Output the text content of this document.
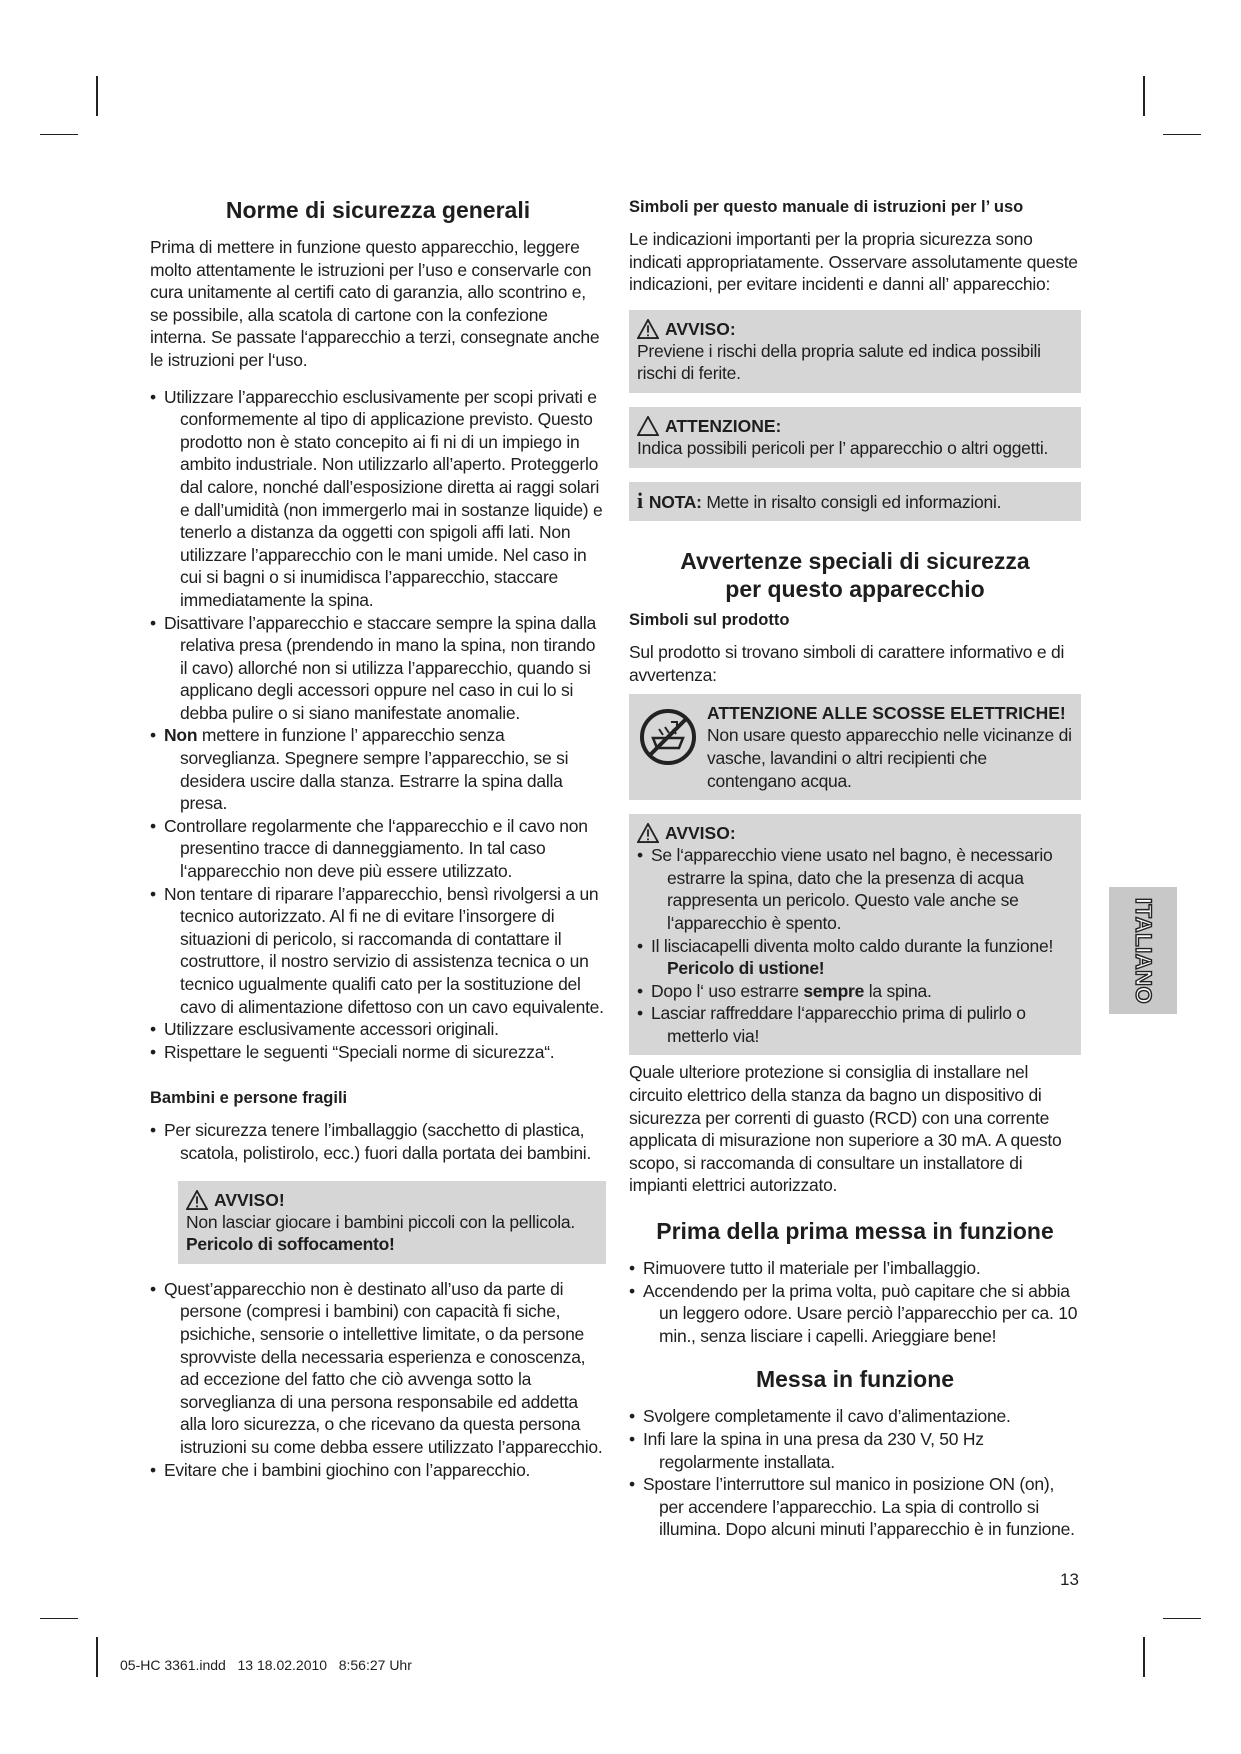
Norme di sicurezza generali

Prima di mettere in funzione questo apparecchio, leggere molto attentamente le istruzioni per l’uso e conservarle con cura unitamente al certifi cato di garanzia, allo scontrino e, se possibile, alla scatola di cartone con la confezione interna. Se passate l‘apparecchio a terzi, consegnate anche le istruzioni per l‘uso.

• Utilizzare l’apparecchio esclusivamente per scopi privati e conformemente al tipo di applicazione previsto. Questo prodotto non è stato concepito ai fi ni di un impiego in ambito industriale. Non utilizzarlo all’aperto. Proteggerlo dal calore, nonché dall’esposizione diretta ai raggi solari e dall’umidità (non immergerlo mai in sostanze liquide) e tenerlo a distanza da oggetti con spigoli affi lati. Non utilizzare l’apparecchio con le mani umide. Nel caso in cui si bagni o si inumidisca l’apparecchio, staccare immediatamente la spina.
• Disattivare l’apparecchio e staccare sempre la spina dalla relativa presa (prendendo in mano la spina, non tirando il cavo) allorché non si utilizza l’apparecchio, quando si applicano degli accessori oppure nel caso in cui lo si debba pulire o si siano manifestate anomalie.
• Non mettere in funzione l’ apparecchio senza sorveglianza. Spegnere sempre l’apparecchio, se si desidera uscire dalla stanza. Estrarre la spina dalla presa.
• Controllare regolarmente che l‘apparecchio e il cavo non presentino tracce di danneggiamento. In tal caso l‘apparecchio non deve più essere utilizzato.
• Non tentare di riparare l’apparecchio, bensì rivolgersi a un tecnico autorizzato. Al fi ne di evitare l’insorgere di situazioni di pericolo, si raccomanda di contattare il costruttore, il nostro servizio di assistenza tecnica o un tecnico ugualmente qualifi cato per la sostituzione del cavo di alimentazione difettoso con un cavo equivalente.
• Utilizzare esclusivamente accessori originali.
• Rispettare le seguenti “Speciali norme di sicurezza“.
Bambini e persone fragili
• Per sicurezza tenere l’imballaggio (sacchetto di plastica, scatola, polistirolo, ecc.) fuori dalla portata dei bambini.
AVVISO!
Non lasciar giocare i bambini piccoli con la pellicola.
Pericolo di soffocamento!
• Quest’apparecchio non è destinato all’uso da parte di persone (compresi i bambini) con capacità fi siche, psichiche, sensorie o intellettive limitate, o da persone sprovviste della necessaria esperienza e conoscenza, ad eccezione del fatto che ciò avvenga sotto la sorveglianza di una persona responsabile ed addetta alla loro sicurezza, o che ricevano da questa persona istruzioni su come debba essere utilizzato l’apparecchio.
• Evitare che i bambini giochino con l’apparecchio.
Simboli per questo manuale di istruzioni per l’ uso

Le indicazioni importanti per la propria sicurezza sono indicati appropriatamente. Osservare assolutamente queste indicazioni, per evitare incidenti e danni all’ apparecchio:

AVVISO:
Previene i rischi della propria salute ed indica possibili rischi di ferite.
ATTENZIONE:
Indica possibili pericoli per l’ apparecchio o altri oggetti.
i NOTA: Mette in risalto consigli ed informazioni.
Avvertenze speciali di sicurezza
per questo apparecchio
Simboli sul prodotto

Sul prodotto si trovano simboli di carattere informativo e di avvertenza:

ATTENZIONE ALLE SCOSSE ELETTRICHE!
Non usare questo apparecchio nelle vicinanze di vasche, lavandini o altri recipienti che contengano acqua.
AVVISO:
• Se l‘apparecchio viene usato nel bagno, è necessario estrarre la spina, dato che la presenza di acqua rappresenta un pericolo. Questo vale anche se l‘apparecchio è spento.
• Il lisciacapelli diventa molto caldo durante la funzione!
Pericolo di ustione!
• Dopo l‘ uso estrarre sempre la spina.
• Lasciar raffreddare l‘apparecchio prima di pulirlo o metterlo via!

Quale ulteriore protezione si consiglia di installare nel circuito elettrico della stanza da bagno un dispositivo di sicurezza per correnti di guasto (RCD) con una corrente applicata di misurazione non superiore a 30 mA. A questo scopo, si raccomanda di consultare un installatore di impianti elettrici autorizzato.

Prima della prima messa in funzione
• Rimuovere tutto il materiale per l’imballaggio.
• Accendendo per la prima volta, può capitare che si abbia un leggero odore. Usare perciò l’apparecchio per ca. 10 min., senza lisciare i capelli. Arieggiare bene!
Messa in funzione
• Svolgere completamente il cavo d’alimentazione.
• Infi lare la spina in una presa da 230 V, 50 Hz regolarmente installata.
• Spostare l’interruttore sul manico in posizione ON (on), per accendere l’apparecchio. La spia di controllo si illumina. Dopo alcuni minuti l’apparecchio è in funzione.
ITALIANO
13
05-HC 3361.indd   13 18.02.2010   8:56:27 Uhr
